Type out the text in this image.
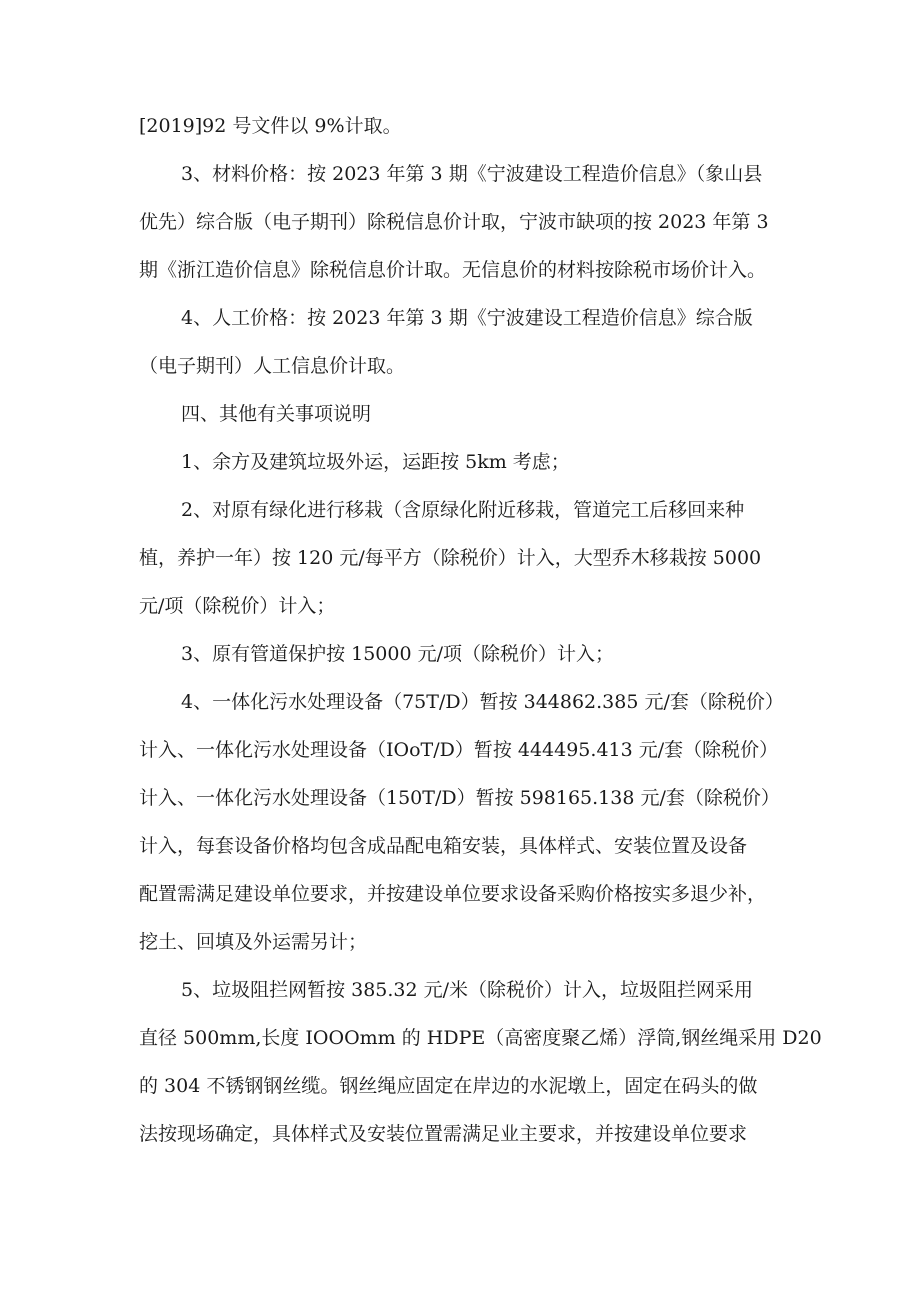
[2019]92 号文件以 9%计取。
3、材料价格：按 2023 年第 3 期《宁波建设工程造价信息》（象山县
优先）综合版（电子期刊）除税信息价计取，宁波市缺项的按 2023 年第 3
期《浙江造价信息》除税信息价计取。无信息价的材料按除税市场价计入。
4、人工价格：按 2023 年第 3 期《宁波建设工程造价信息》综合版
（电子期刊）人工信息价计取。
四、其他有关事项说明
1、余方及建筑垃圾外运，运距按 5km 考虑；
2、对原有绿化进行移栽（含原绿化附近移栽，管道完工后移回来种
植，养护一年）按 120 元/每平方（除税价）计入，大型乔木移栽按 5000
元/项（除税价）计入；
3、原有管道保护按 15000 元/项（除税价）计入；
4、一体化污水处理设备（75T/D）暂按 344862.385 元/套（除税价）
计入、一体化污水处理设备（IOoT/D）暂按 444495.413 元/套（除税价）
计入、一体化污水处理设备（150T/D）暂按 598165.138 元/套（除税价）
计入，每套设备价格均包含成品配电箱安装，具体样式、安装位置及设备
配置需满足建设单位要求，并按建设单位要求设备采购价格按实多退少补，
挖土、回填及外运需另计；
5、垃圾阻拦网暂按 385.32 元/米（除税价）计入，垃圾阻拦网采用
直径 500mm,长度 IOOOmm 的 HDPE（高密度聚乙烯）浮筒,钢丝绳采用 D20
的 304 不锈钢钢丝缆。钢丝绳应固定在岸边的水泥墩上，固定在码头的做
法按现场确定，具体样式及安装位置需满足业主要求，并按建设单位要求
